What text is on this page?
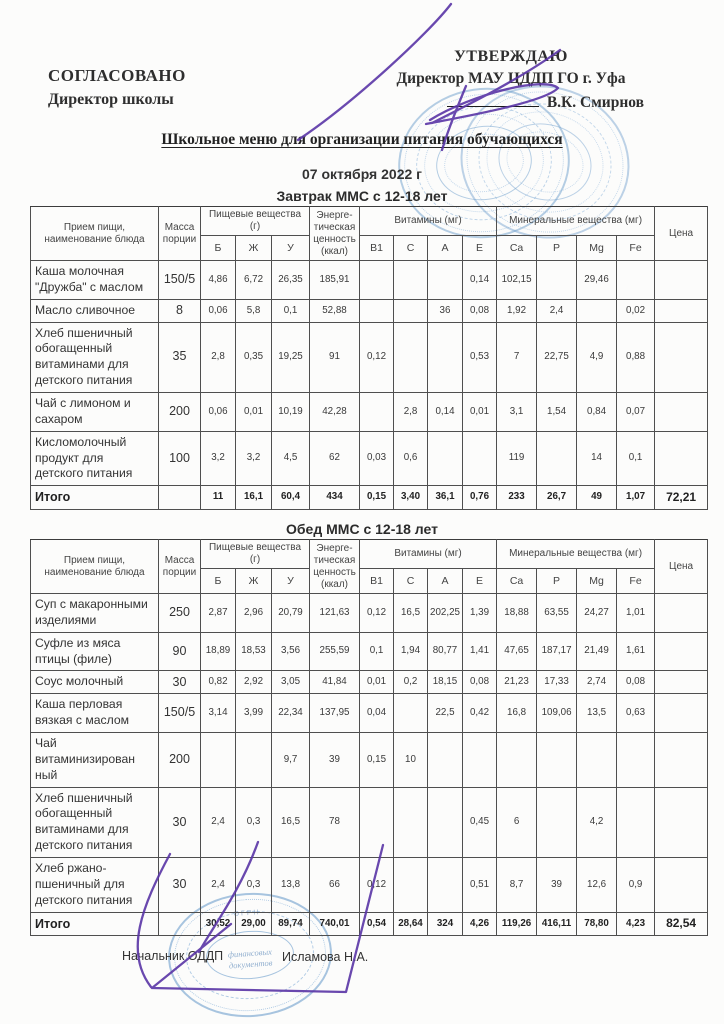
ОГРН
финансовых
документов
СОГЛАСОВАНО
Директор школы
УТВЕРЖДАЮ
Директор МАУ ЦДДП ГО г. Уфа
В.К. Смирнов
Школьное меню для организации питания обучающихся
07 октября 2022 г
Завтрак ММС с 12-18 лет
Обед ММС с 12-18 лет
Прием пищи, наименование блюда	Масса порции	Пищевые вещества (г)			Энерге-тическая ценность (ккал)	Витамины (мг)				Минеральные вещества (мг)				Цена
		Б	Ж	У		B1	C	A	E	Ca	P	Mg	Fe	
Каша молочная "Дружба" с маслом	150/5	4,86	6,72	26,35	185,91				0,14	102,15		29,46		
Масло сливочное	8	0,06	5,8	0,1	52,88			36	0,08	1,92	2,4		0,02	
Хлеб пшеничный обогащенный витаминами для детского питания	35	2,8	0,35	19,25	91	0,12			0,53	7	22,75	4,9	0,88	
Чай с лимоном и сахаром	200	0,06	0,01	10,19	42,28		2,8	0,14	0,01	3,1	1,54	0,84	0,07	
Кисломолочный продукт для детского питания	100	3,2	3,2	4,5	62	0,03	0,6			119		14	0,1	
Итого		11	16,1	60,4	434	0,15	3,40	36,1	0,76	233	26,7	49	1,07	72,21
Прием пищи, наименование блюда	Масса порции	Пищевые вещества (г)			Энерге-тическая ценность (ккал)	Витамины (мг)				Минеральные вещества (мг)				Цена
		Б	Ж	У		B1	C	A	E	Ca	P	Mg	Fe	
Суп с макаронными изделиями	250	2,87	2,96	20,79	121,63	0,12	16,5	202,25	1,39	18,88	63,55	24,27	1,01	
Суфле из мяса птицы (филе)	90	18,89	18,53	3,56	255,59	0,1	1,94	80,77	1,41	47,65	187,17	21,49	1,61	
Соус молочный	30	0,82	2,92	3,05	41,84	0,01	0,2	18,15	0,08	21,23	17,33	2,74	0,08	
Каша перловая вязкая с маслом	150/5	3,14	3,99	22,34	137,95	0,04		22,5	0,42	16,8	109,06	13,5	0,63	
Чай витаминизирован ный	200			9,7	39	0,15	10							
Хлеб пшеничный обогащенный витаминами для детского питания	30	2,4	0,3	16,5	78				0,45	6		4,2		
Хлеб ржано-пшеничный для детского питания	30	2,4	0,3	13,8	66	0,12			0,51	8,7	39	12,6	0,9	
Итого		30,52	29,00	89,74	740,01	0,54	28,64	324	4,26	119,26	416,11	78,80	4,23	82,54
Начальник ОДДП	Исламова Н.А.
